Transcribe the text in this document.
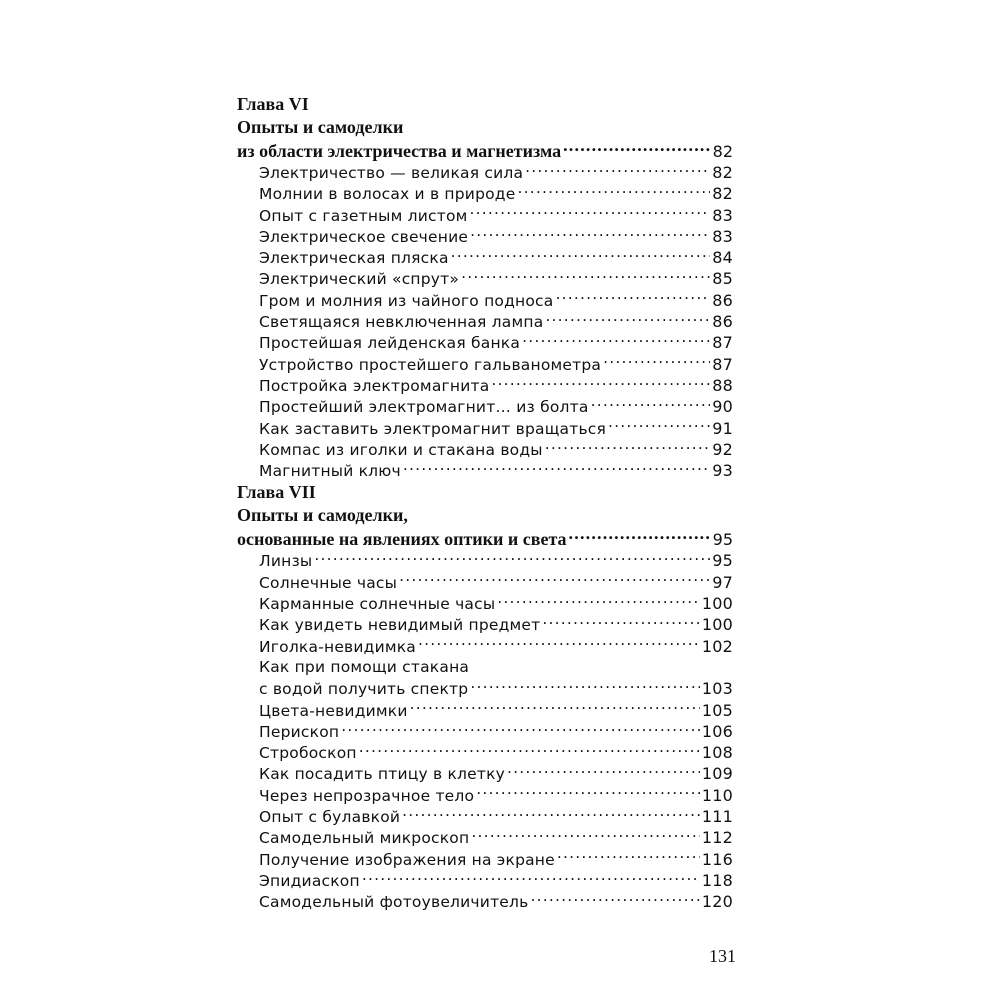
Глава VI
Опыты и самоделки
из области электричества и магнетизма .....	82
Электричество — великая сила .....	82
Молнии в волосах и в природе .....	82
Опыт с газетным листом .....	83
Электрическое свечение .....	83
Электрическая пляска .....	84
Электрический «спрут» .....	85
Гром и молния из чайного подноса .....	86
Светящаяся невключенная лампа .....	86
Простейшая лейденская банка .....	87
Устройство простейшего гальванометра .....	87
Постройка электромагнита .....	88
Простейший электромагнит… из болта .....	90
Как заставить электромагнит вращаться .....	91
Компас из иголки и стакана воды .....	92
Магнитный ключ .....	93
Глава VII
Опыты и самоделки,
основанные на явлениях оптики и света .....	95
Линзы .....	95
Солнечные часы .....	97
Карманные солнечные часы .....	100
Как увидеть невидимый предмет .....	100
Иголка-невидимка .....	102
Как при помощи стакана
с водой получить спектр .....	103
Цвета-невидимки .....	105
Перископ .....	106
Стробоскоп .....	108
Как посадить птицу в клетку .....	109
Через непрозрачное тело .....	110
Опыт с булавкой .....	111
Самодельный микроскоп .....	112
Получение изображения на экране .....	116
Эпидиаскоп .....	118
Самодельный фотоувеличитель .....	120
131
